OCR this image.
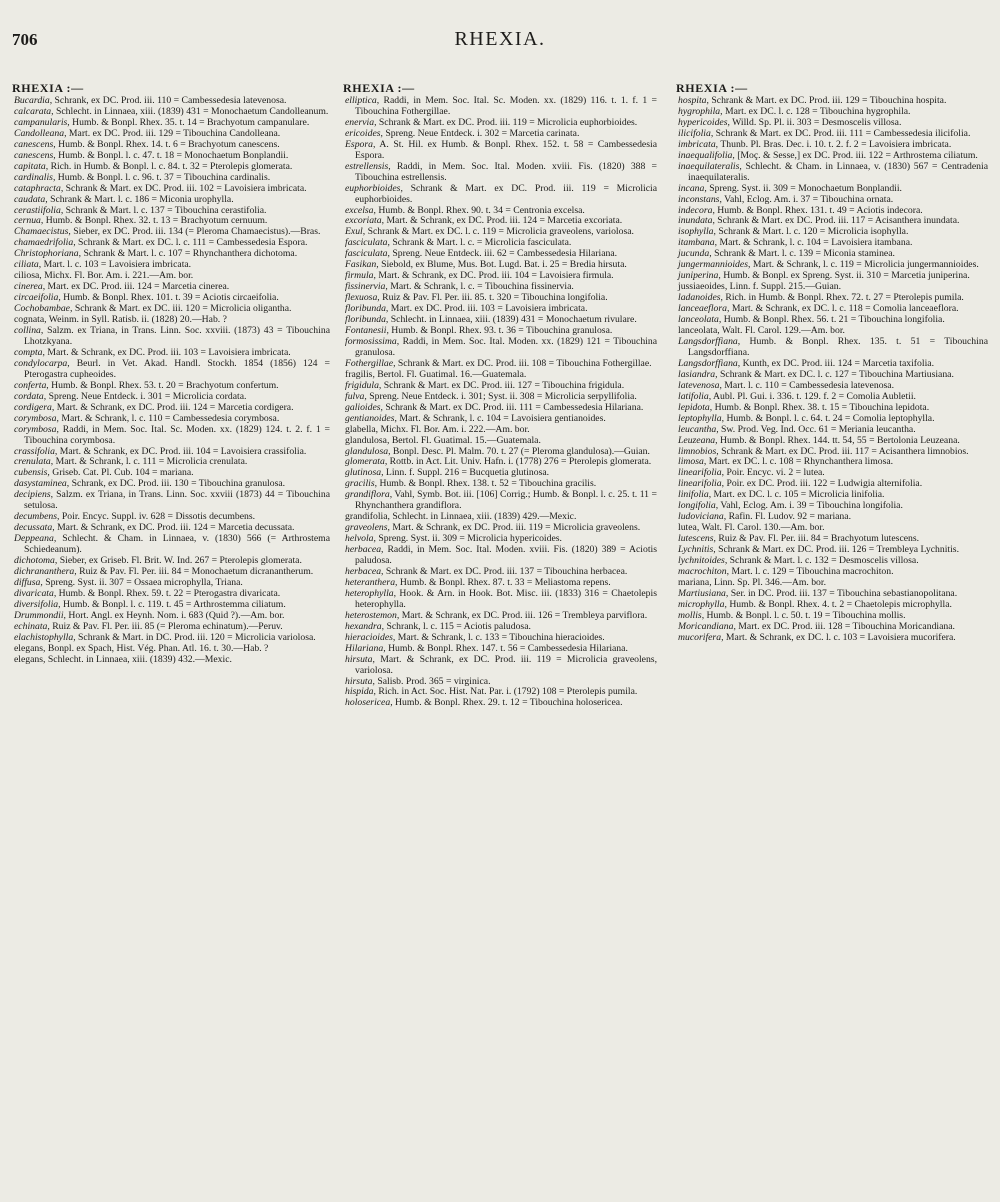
706	RHEXIA.
RHEXIA :—
Bucardia, Schrank, ex DC. Prod. iii. 110 = Cambessedesia latevenosa.
calcarata, Schlecht. in Linnaea, xiii. (1839) 431 = Monochaetum Candolleanum.
campanularis, Humb. & Bonpl. Rhex. 35. t. 14 = Brachyotum campanulare.
Candolleana, Mart. ex DC. Prod. iii. 129 = Tibouchina Candolleana.
canescens, Humb. & Bonpl. Rhex. 14. t. 6 = Brachyotum canescens.
canescens, Humb. & Bonpl. l. c. 47. t. 18 = Monochaetum Bonplandii.
capitata, Rich. in Humb. & Bonpl. l. c. 84. t. 32 = Pterolepis glomerata.
cardinalis, Humb. & Bonpl. l. c. 96. t. 37 = Tibouchina cardinalis.
cataphracta, Schrank & Mart. ex DC. Prod. iii. 102 = Lavoisiera imbricata.
caudata, Schrank & Mart. l. c. 186 = Miconia urophylla.
cerastiifolia, Schrank & Mart. l. c. 137 = Tibouchina cerastifolia.
cernua, Humb. & Bonpl. Rhex. 32. t. 13 = Brachyotum cernuum.
Chamaecistus, Sieber, ex DC. Prod. iii. 134 (= Pleroma Chamaecistus).—Bras.
chamaedrifolia, Schrank & Mart. ex DC. l. c. 111 = Cambessedesia Espora.
Christophoriana, Schrank & Mart. l. c. 107 = Rhynchanthera dichotoma.
ciliata, Mart. l. c. 103 = Lavoisiera imbricata.
ciliosa, Michx. Fl. Bor. Am. i. 221.—Am. bor.
cinerea, Mart. ex DC. Prod. iii. 124 = Marcetia cinerea.
circaeifolia, Humb. & Bonpl. Rhex. 101. t. 39 = Aciotis circaeifolia.
Cochobambae, Schrank & Mart. ex DC. iii. 120 = Microlicia oligantha.
cognata, Weinm. in Syll. Ratisb. ii. (1828) 20.—Hab. ?
collina, Salzm. ex Triana, in Trans. Linn. Soc. xxviii. (1873) 43 = Tibouchina Lhotzkyana.
compta, Mart. & Schrank, ex DC. Prod. iii. 103 = Lavoisiera imbricata.
condylocarpa, Beurl. in Vet. Akad. Handl. Stockh. 1854 (1856) 124 = Pterogastra cupheoides.
conferta, Humb. & Bonpl. Rhex. 53. t. 20 = Brachyotum confertum.
cordata, Spreng. Neue Entdeck. i. 301 = Microlicia cordata.
cordigera, Mart. & Schrank, ex DC. Prod. iii. 124 = Marcetia cordigera.
corymbosa, Mart. & Schrank, l. c. 110 = Cambessedesia corymbosa.
corymbosa, Raddi, in Mem. Soc. Ital. Sc. Moden. xx. (1829) 124. t. 2. f. 1 = Tibouchina corymbosa.
crassifolia, Mart. & Schrank, ex DC. Prod. iii. 104 = Lavoisiera crassifolia.
crenulata, Mart. & Schrank, l. c. 111 = Microlicia crenulata.
cubensis, Griseb. Cat. Pl. Cub. 104 = mariana.
dasystaminea, Schrank, ex DC. Prod. iii. 130 = Tibouchina granulosa.
decipiens, Salzm. ex Triana, in Trans. Linn. Soc. xxviii (1873) 44 = Tibouchina setulosa.
decumbens, Poir. Encyc. Suppl. iv. 628 = Dissotis decumbens.
decussata, Mart. & Schrank, ex DC. Prod. iii. 124 = Marcetia decussata.
Deppeana, Schlecht. & Cham. in Linnaea, v. (1830) 566 (= Arthrostema Schiedeanum).
dichotoma, Sieber, ex Griseb. Fl. Brit. W. Ind. 267 = Pterolepis glomerata.
dichranantherа, Ruiz & Pav. Fl. Per. iii. 84 = Monochaetum dicranantherum.
diffusa, Spreng. Syst. ii. 307 = Ossaea microphylla, Triana.
divaricata, Humb. & Bonpl. Rhex. 59. t. 22 = Pterogastra divaricata.
diversifolia, Humb. & Bonpl. l. c. 119. t. 45 = Arthrostemma ciliatum.
Drummondii, Hort. Angl. ex Heynh. Nom. i. 683 (Quid ?).—Am. bor.
echinata, Ruiz & Pav. Fl. Per. iii. 85 (= Pleroma echinatum).—Peruv.
elachistophylla, Schrank & Mart. in DC. Prod. iii. 120 = Microlicia variolosa.
elegans, Bonpl. ex Spach, Hist. Vég. Phan. Atl. 16. t. 30.—Hab. ?
elegans, Schlecht. in Linnaea, xiii. (1839) 432.—Mexic.
RHEXIA :—
elliptica, Raddi, in Mem. Soc. Ital. Sc. Moden. xx. (1829) 116. t. 1. f. 1 = Tibouchina Fothergillae.
enervia, Schrank & Mart. ex DC. Prod. iii. 119 = Microlicia euphorbioides.
ericoides, Spreng. Neue Entdeck. i. 302 = Marcetia carinata.
Espora, A. St. Hil. ex Humb. & Bonpl. Rhex. 152. t. 58 = Cambessedesia Espora.
estrellensis, Raddi, in Mem. Soc. Ital. Moden. xviii. Fis. (1820) 388 = Tibouchina estrellensis.
euphorbioides, Schrank & Mart. ex DC. Prod. iii. 119 = Microlicia euphorbioides.
excelsa, Humb. & Bonpl. Rhex. 90. t. 34 = Centronia excelsa.
excoriata, Mart. & Schrank, ex DC. Prod. iii. 124 = Marcetia excoriata.
Exul, Schrank & Mart. ex DC. l. c. 119 = Microlicia graveolens, variolosa.
fasciculata, Schrank & Mart. l. c. = Microlicia fasciculata.
fasciculata, Spreng. Neue Entdeck. iii. 62 = Cambessedesia Hilariana.
Fasikan, Siebold, ex Blume, Mus. Bot. Lugd. Bat. i. 25 = Bredia hirsuta.
firmula, Mart. & Schrank, ex DC. Prod. iii. 104 = Lavoisiera firmula.
fissinervia, Mart. & Schrank, l. c. = Tibouchina fissinervia.
flexuosa, Ruiz & Pav. Fl. Per. iii. 85. t. 320 = Tibouchina longifolia.
floribunda, Mart. ex DC. Prod. iii. 103 = Lavoisiera imbricata.
floribunda, Schlecht. in Linnaea, xiii. (1839) 431 = Monochaetum rivulare.
Fontanesii, Humb. & Bonpl. Rhex. 93. t. 36 = Tibouchina granulosa.
formosissima, Raddi, in Mem. Soc. Ital. Moden. xx. (1829) 121 = Tibouchina granulosa.
Fothergillae, Schrank & Mart. ex DC. Prod. iii. 108 = Tibouchina Fothergillae.
fragilis, Bertol. Fl. Guatimal. 16.—Guatemala.
frigidula, Schrank & Mart. ex DC. Prod. iii. 127 = Tibouchina frigidula.
fulva, Spreng. Neue Entdeck. i. 301; Syst. ii. 308 = Microlicia serpyllifolia.
galioides, Schrank & Mart. ex DC. Prod. iii. 111 = Cambessedesia Hilariana.
gentianoides, Mart. & Schrank, l. c. 104 = Lavoisiera gentianoides.
glabella, Michx. Fl. Bor. Am. i. 222.—Am. bor.
glandulosa, Bertol. Fl. Guatimal. 15.—Guatemala.
glandulosa, Bonpl. Desc. Pl. Malm. 70. t. 27 (= Pleroma glandulosa).—Guian.
glomerata, Rottb. in Act. Lit. Univ. Hafn. i. (1778) 276 = Pterolepis glomerata.
glutinosa, Linn. f. Suppl. 216 = Bucquetia glutinosa.
gracilis, Humb. & Bonpl. Rhex. 138. t. 52 = Tibouchina gracilis.
grandiflora, Vahl, Symb. Bot. iii. [106] Corrig.; Humb. & Bonpl. l. c. 25. t. 11 = Rhynchanthera grandiflora.
grandifolia, Schlecht. in Linnaea, xiii. (1839) 429.—Mexic.
graveolens, Mart. & Schrank, ex DC. Prod. iii. 119 = Microlicia graveolens.
helvola, Spreng. Syst. ii. 309 = Microlicia hypericoides.
herbacea, Raddi, in Mem. Soc. Ital. Moden. xviii. Fis. (1820) 389 = Aciotis paludosa.
herbacea, Schrank & Mart. ex DC. Prod. iii. 137 = Tibouchina herbacea.
heteranthera, Humb. & Bonpl. Rhex. 87. t. 33 = Meliastoma repens.
heterophylla, Hook. & Arn. in Hook. Bot. Misc. iii. (1833) 316 = Chaetolepis heterophylla.
heterostemon, Mart. & Schrank, ex DC. Prod. iii. 126 = Trembleya parviflora.
hexandra, Schrank, l. c. 115 = Aciotis paludosa.
hieracioides, Mart. & Schrank, l. c. 133 = Tibouchina hieracioides.
Hilariana, Humb. & Bonpl. Rhex. 147. t. 56 = Cambessedesia Hilariana.
hirsuta, Mart. & Schrank, ex DC. Prod. iii. 119 = Microlicia graveolens, variolosa.
hirsuta, Salisb. Prod. 365 = virginica.
hispida, Rich. in Act. Soc. Hist. Nat. Par. i. (1792) 108 = Pterolepis pumila.
holosericea, Humb. & Bonpl. Rhex. 29. t. 12 = Tibouchina holosericea.
RHEXIA :—
hospita, Schrank & Mart. ex DC. Prod. iii. 129 = Tibouchina hospita.
hygrophila, Mart. ex DC. l. c. 128 = Tibouchina hygrophila.
hypericoides, Willd. Sp. Pl. ii. 303 = Desmoscelis villosa.
ilicifolia, Schrank & Mart. ex DC. Prod. iii. 111 = Cambessedesia ilicifolia.
imbricata, Thunb. Pl. Bras. Dec. i. 10. t. 2. f. 2 = Lavoisiera imbricata.
inaequalifolia, [Moç. & Sesse,] ex DC. Prod. iii. 122 = Arthrostema ciliatum.
inaequilateralis, Schlecht. & Cham. in Linnaea, v. (1830) 567 = Centradenia inaequilateralis.
incana, Spreng. Syst. ii. 309 = Monochaetum Bonplandii.
inconstans, Vahl, Eclog. Am. i. 37 = Tibouchina ornata.
indecora, Humb. & Bonpl. Rhex. 131. t. 49 = Aciotis indecora.
inundata, Schrank & Mart. ex DC. Prod. iii. 117 = Acisanthera inundata.
isophylla, Schrank & Mart. l. c. 120 = Microlicia isophylla.
itambana, Mart. & Schrank, l. c. 104 = Lavoisiera itambana.
jucunda, Schrank & Mart. l. c. 139 = Miconia staminea.
jungermannioides, Mart. & Schrank, l. c. 119 = Microlicia jungermannioides.
juniperina, Humb. & Bonpl. ex Spreng. Syst. ii. 310 = Marcetia juniperina.
jussiaeoides, Linn. f. Suppl. 215.—Guian.
ladanoides, Rich. in Humb. & Bonpl. Rhex. 72. t. 27 = Pterolepis pumila.
lanceaeflora, Mart. & Schrank, ex DC. l. c. 118 = Comolia lanceaeflora.
lanceolata, Humb. & Bonpl. Rhex. 56. t. 21 = Tibouchina longifolia.
lanceolata, Walt. Fl. Carol. 129.—Am. bor.
Langsdorffiana, Humb. & Bonpl. Rhex. 135. t. 51 = Tibouchina Langsdorffiana.
Langsdorffiana, Kunth, ex DC. Prod. iii. 124 = Marcetia taxifolia.
lasiandra, Schrank & Mart. ex DC. l. c. 127 = Tibouchina Martiusiana.
latevenosa, Mart. l. c. 110 = Cambessedesia latevenosa.
latifolia, Aubl. Pl. Gui. i. 336. t. 129. f. 2 = Comolia Aubletii.
lepidota, Humb. & Bonpl. Rhex. 38. t. 15 = Tibouchina lepidota.
leptophylla, Humb. & Bonpl. l. c. 64. t. 24 = Comolia leptophylla.
leucantha, Sw. Prod. Veg. Ind. Occ. 61 = Meriania leucantha.
Leuzeana, Humb. & Bonpl. Rhex. 144. tt. 54, 55 = Bertolonia Leuzeana.
limnobios, Schrank & Mart. ex DC. Prod. iii. 117 = Acisanthera limnobios.
limosa, Mart. ex DC. l. c. 108 = Rhynchanthera limosa.
linearifolia, Poir. Encyc. vi. 2 = lutea.
linearifolia, Poir. ex DC. Prod. iii. 122 = Ludwigia alternifolia.
linifolia, Mart. ex DC. l. c. 105 = Microlicia linifolia.
longifolia, Vahl, Eclog. Am. i. 39 = Tibouchina longifolia.
ludoviciana, Rafin. Fl. Ludov. 92 = mariana.
lutea, Walt. Fl. Carol. 130.—Am. bor.
lutescens, Ruiz & Pav. Fl. Per. iii. 84 = Brachyotum lutescens.
Lychnitis, Schrank & Mart. ex DC. Prod. iii. 126 = Trembleya Lychnitis.
lychnitoides, Schrank & Mart. l. c. 132 = Desmoscelis villosa.
macrochiton, Mart. l. c. 129 = Tibouchina macrochiton.
mariana, Linn. Sp. Pl. 346.—Am. bor.
Martiusiana, Ser. in DC. Prod. iii. 137 = Tibouchina sebastianopolitana.
microphylla, Humb. & Bonpl. Rhex. 4. t. 2 = Chaetolepis microphylla.
mollis, Humb. & Bonpl. l. c. 50. t. 19 = Tibouchina mollis.
Moricandiana, Mart. ex DC. Prod. iii. 128 = Tibouchina Moricandiana.
mucorifera, Mart. & Schrank, ex DC. l. c. 103 = Lavoisiera mucorifera.
